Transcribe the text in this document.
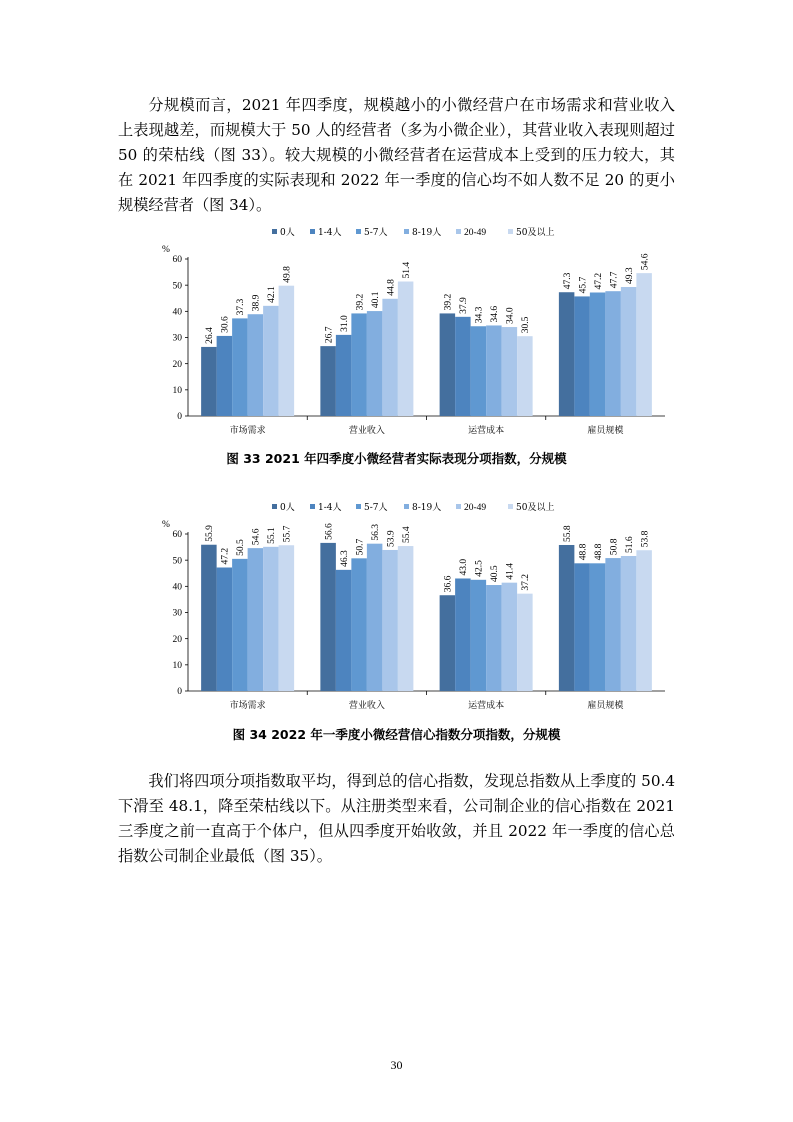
分规模而言，2021 年四季度，规模越小的小微经营户在市场需求和营业收入上表现越差，而规模大于 50 人的经营者（多为小微企业），其营业收入表现则超过 50 的荣枯线（图 33）。较大规模的小微经营者在运营成本上受到的压力较大，其在 2021 年四季度的实际表现和 2022 年一季度的信心均不如人数不足 20 的更小规模经营者（图 34）。

0人	1-4人	5-7人	8-19人 20-49	50及以上
%
0
10
20
30
40
50
60
26.4
30.6
37.3 38.9
42.1
49.8
市场需求
26.7
31.0
39.2 40.1
44.8
51.4
营业收入
39.2 37.9
34.3 34.6 34.0
30.5
运营成本
47.3 45.7 47.2 47.7 49.3
54.6
雇员规模
图 33 2021 年四季度小微经营者实际表现分项指数，分规模
0人	1-4人	5-7人	8-19人 20-49	50及以上
%
0
10
20
30
40
50
60 55.9
47.2
50.5
54.6 55.1 55.7
市场需求
56.6
46.3
50.7
56.3 53.9 55.4
营业收入
36.6
43.0 42.5 40.5 41.4
37.2
运营成本
55.8
48.8 48.8 50.8 51.6 53.8
雇员规模
图 34 2022 年一季度小微经营信心指数分项指数，分规模

我们将四项分项指数取平均，得到总的信心指数，发现总指数从上季度的 50.4 下滑至 48.1，降至荣枯线以下。从注册类型来看，公司制企业的信心指数在 2021 三季度之前一直高于个体户，但从四季度开始收敛，并且 2022 年一季度的信心总指数公司制企业最低（图 35）。

30
